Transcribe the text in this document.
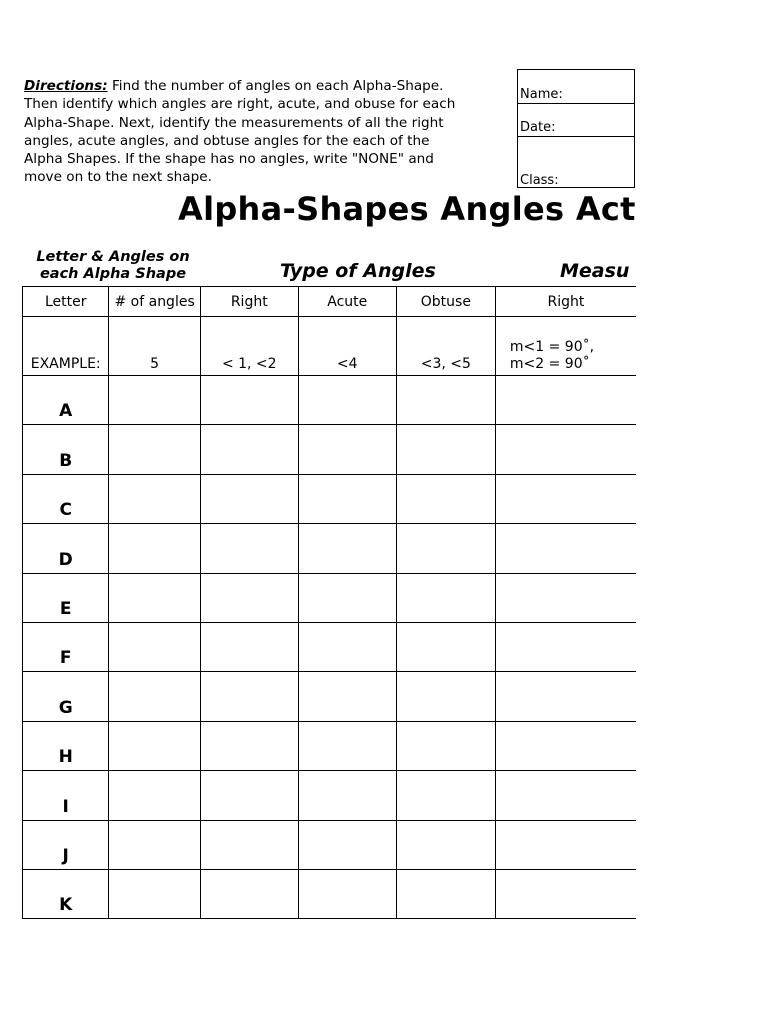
Directions: Find the number of angles on each Alpha-Shape.
Then identify which angles are right, acute, and obuse for each
Alpha-Shape. Next, identify the measurements of all the right
angles, acute angles, and obtuse angles for the each of the
Alpha Shapes. If the shape has no angles, write "NONE" and
move on to the next shape.
Name:
Date:
Class:
Alpha-Shapes Angles Act
Letter & Angles on
each Alpha Shape	Type of Angles	Measu
Letter	# of angles	Right	Acute	Obtuse	Right
EXAMPLE:	5	< 1, <2	<4	<3, <5	m<1 = 90˚,
m<2 = 90˚
A					
B					
C					
D					
E					
F					
G					
H					
I					
J					
K					
